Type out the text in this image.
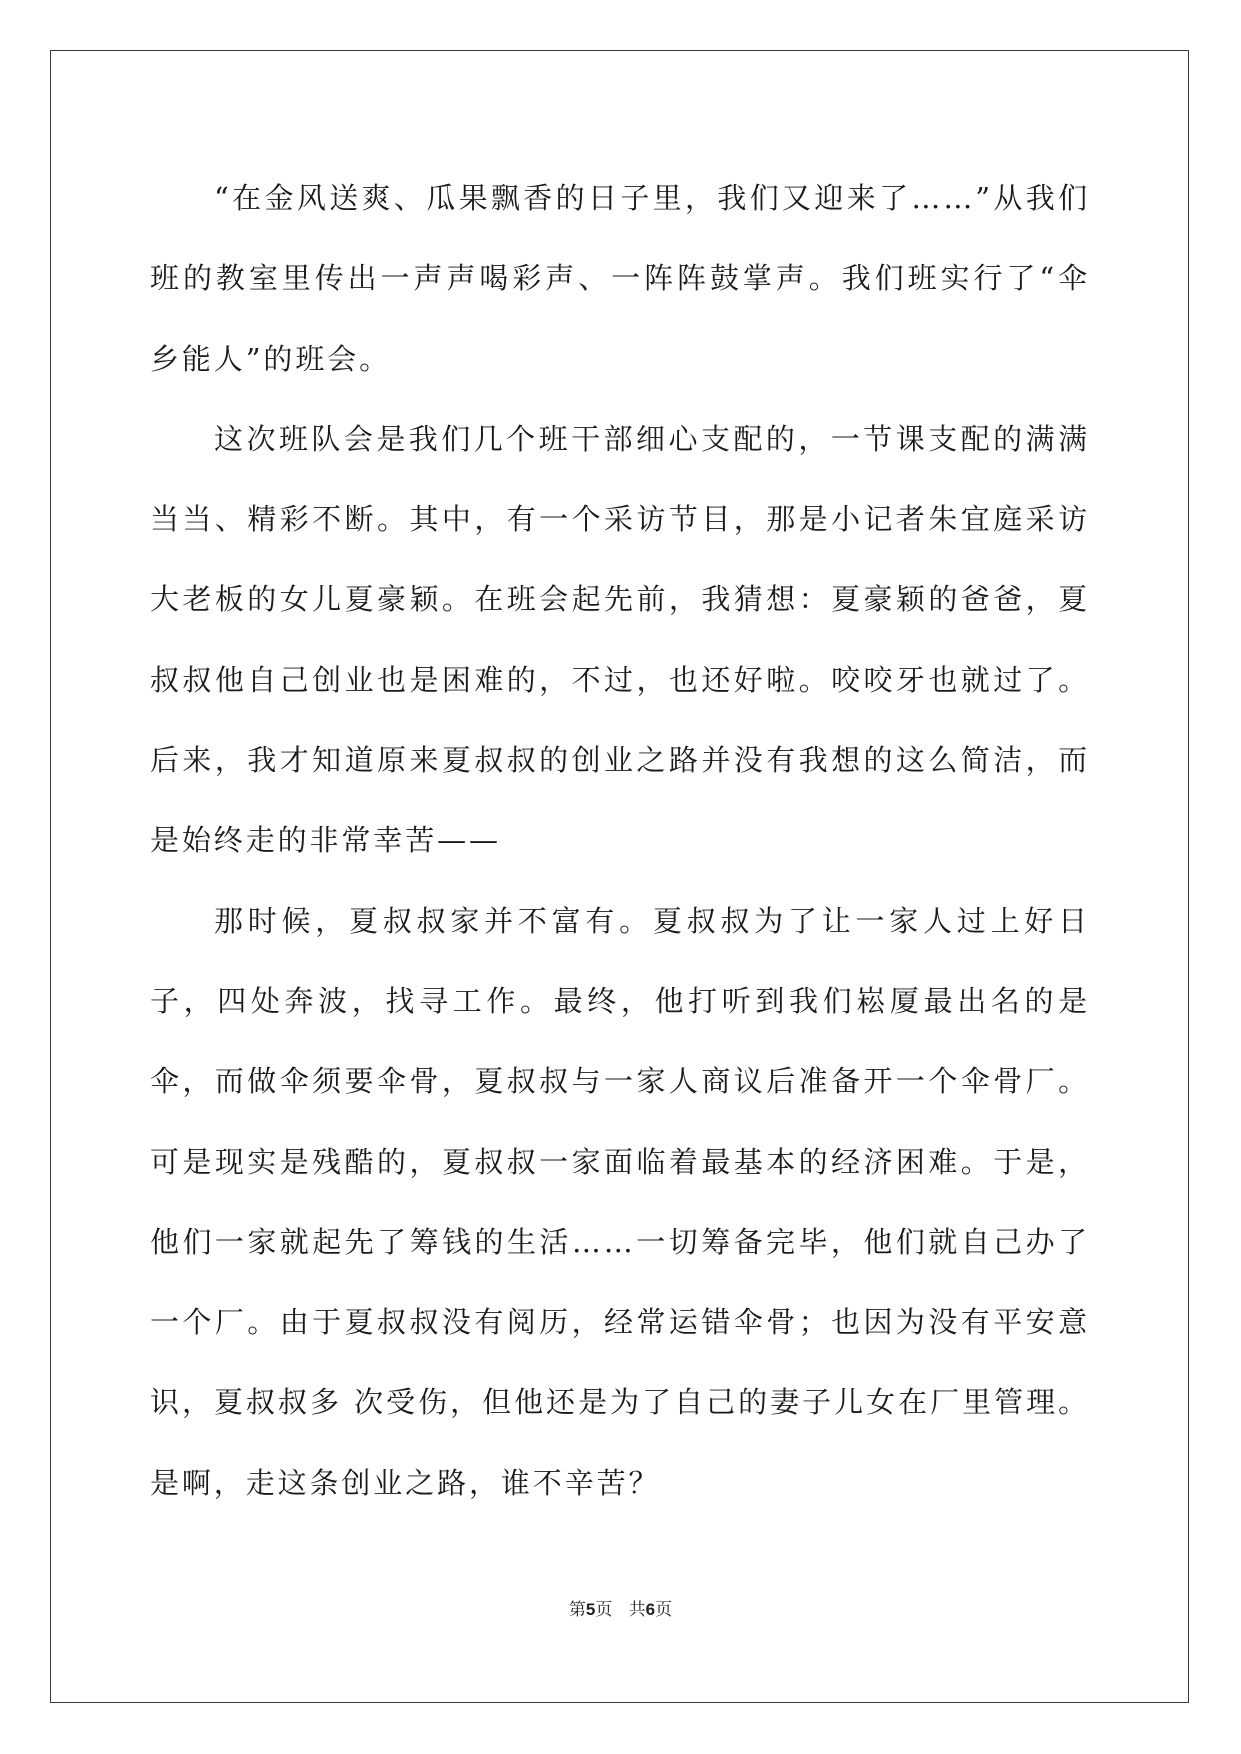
“在金风送爽、瓜果飘香的日子里，我们又迎来了……”从我们班的教室里传出一声声喝彩声、一阵阵鼓掌声。我们班实行了“伞乡能人”的班会。

这次班队会是我们几个班干部细心支配的，一节课支配的满满当当、精彩不断。其中，有一个采访节目，那是小记者朱宜庭采访大老板的女儿夏豪颖。在班会起先前，我猜想：夏豪颖的爸爸，夏叔叔他自己创业也是困难的，不过，也还好啦。咬咬牙也就过了。后来，我才知道原来夏叔叔的创业之路并没有我想的这么简洁，而是始终走的非常幸苦——

那时候，夏叔叔家并不富有。夏叔叔为了让一家人过上好日子，四处奔波，找寻工作。最终，他打听到我们崧厦最出名的是伞，而做伞须要伞骨，夏叔叔与一家人商议后准备开一个伞骨厂。可是现实是残酷的，夏叔叔一家面临着最基本的经济困难。于是，他们一家就起先了筹钱的生活……一切筹备完毕，他们就自己办了一个厂。由于夏叔叔没有阅历，经常运错伞骨；也因为没有平安意识，夏叔叔多 次受伤，但他还是为了自己的妻子儿女在厂里管理。是啊，走这条创业之路，谁不辛苦？

第5页 共6页
